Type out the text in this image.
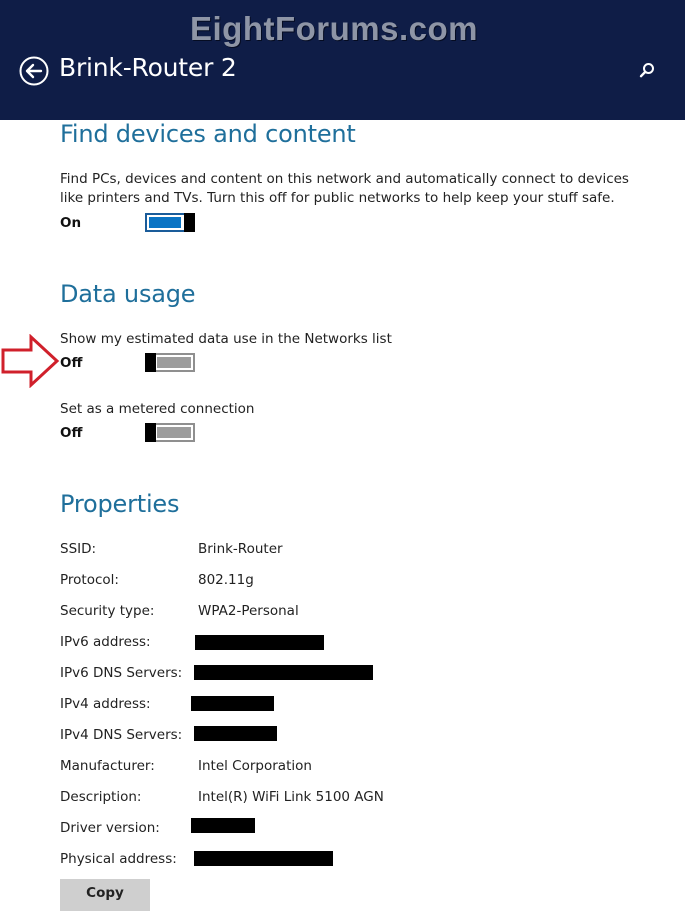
EightForums.com
Brink-Router 2
Find devices and content
Find PCs, devices and content on this network and automatically connect to devices like printers and TVs. Turn this off for public networks to help keep your stuff safe.
On
Data usage
Show my estimated data use in the Networks list
Off
Set as a metered connection
Off
Properties
SSID:	Brink-Router
Protocol:	802.11g
Security type:	WPA2-Personal
IPv6 address:
IPv6 DNS Servers:
IPv4 address:
IPv4 DNS Servers:
Manufacturer:	Intel Corporation
Description:	Intel(R) WiFi Link 5100 AGN
Driver version:
Physical address:
Copy
